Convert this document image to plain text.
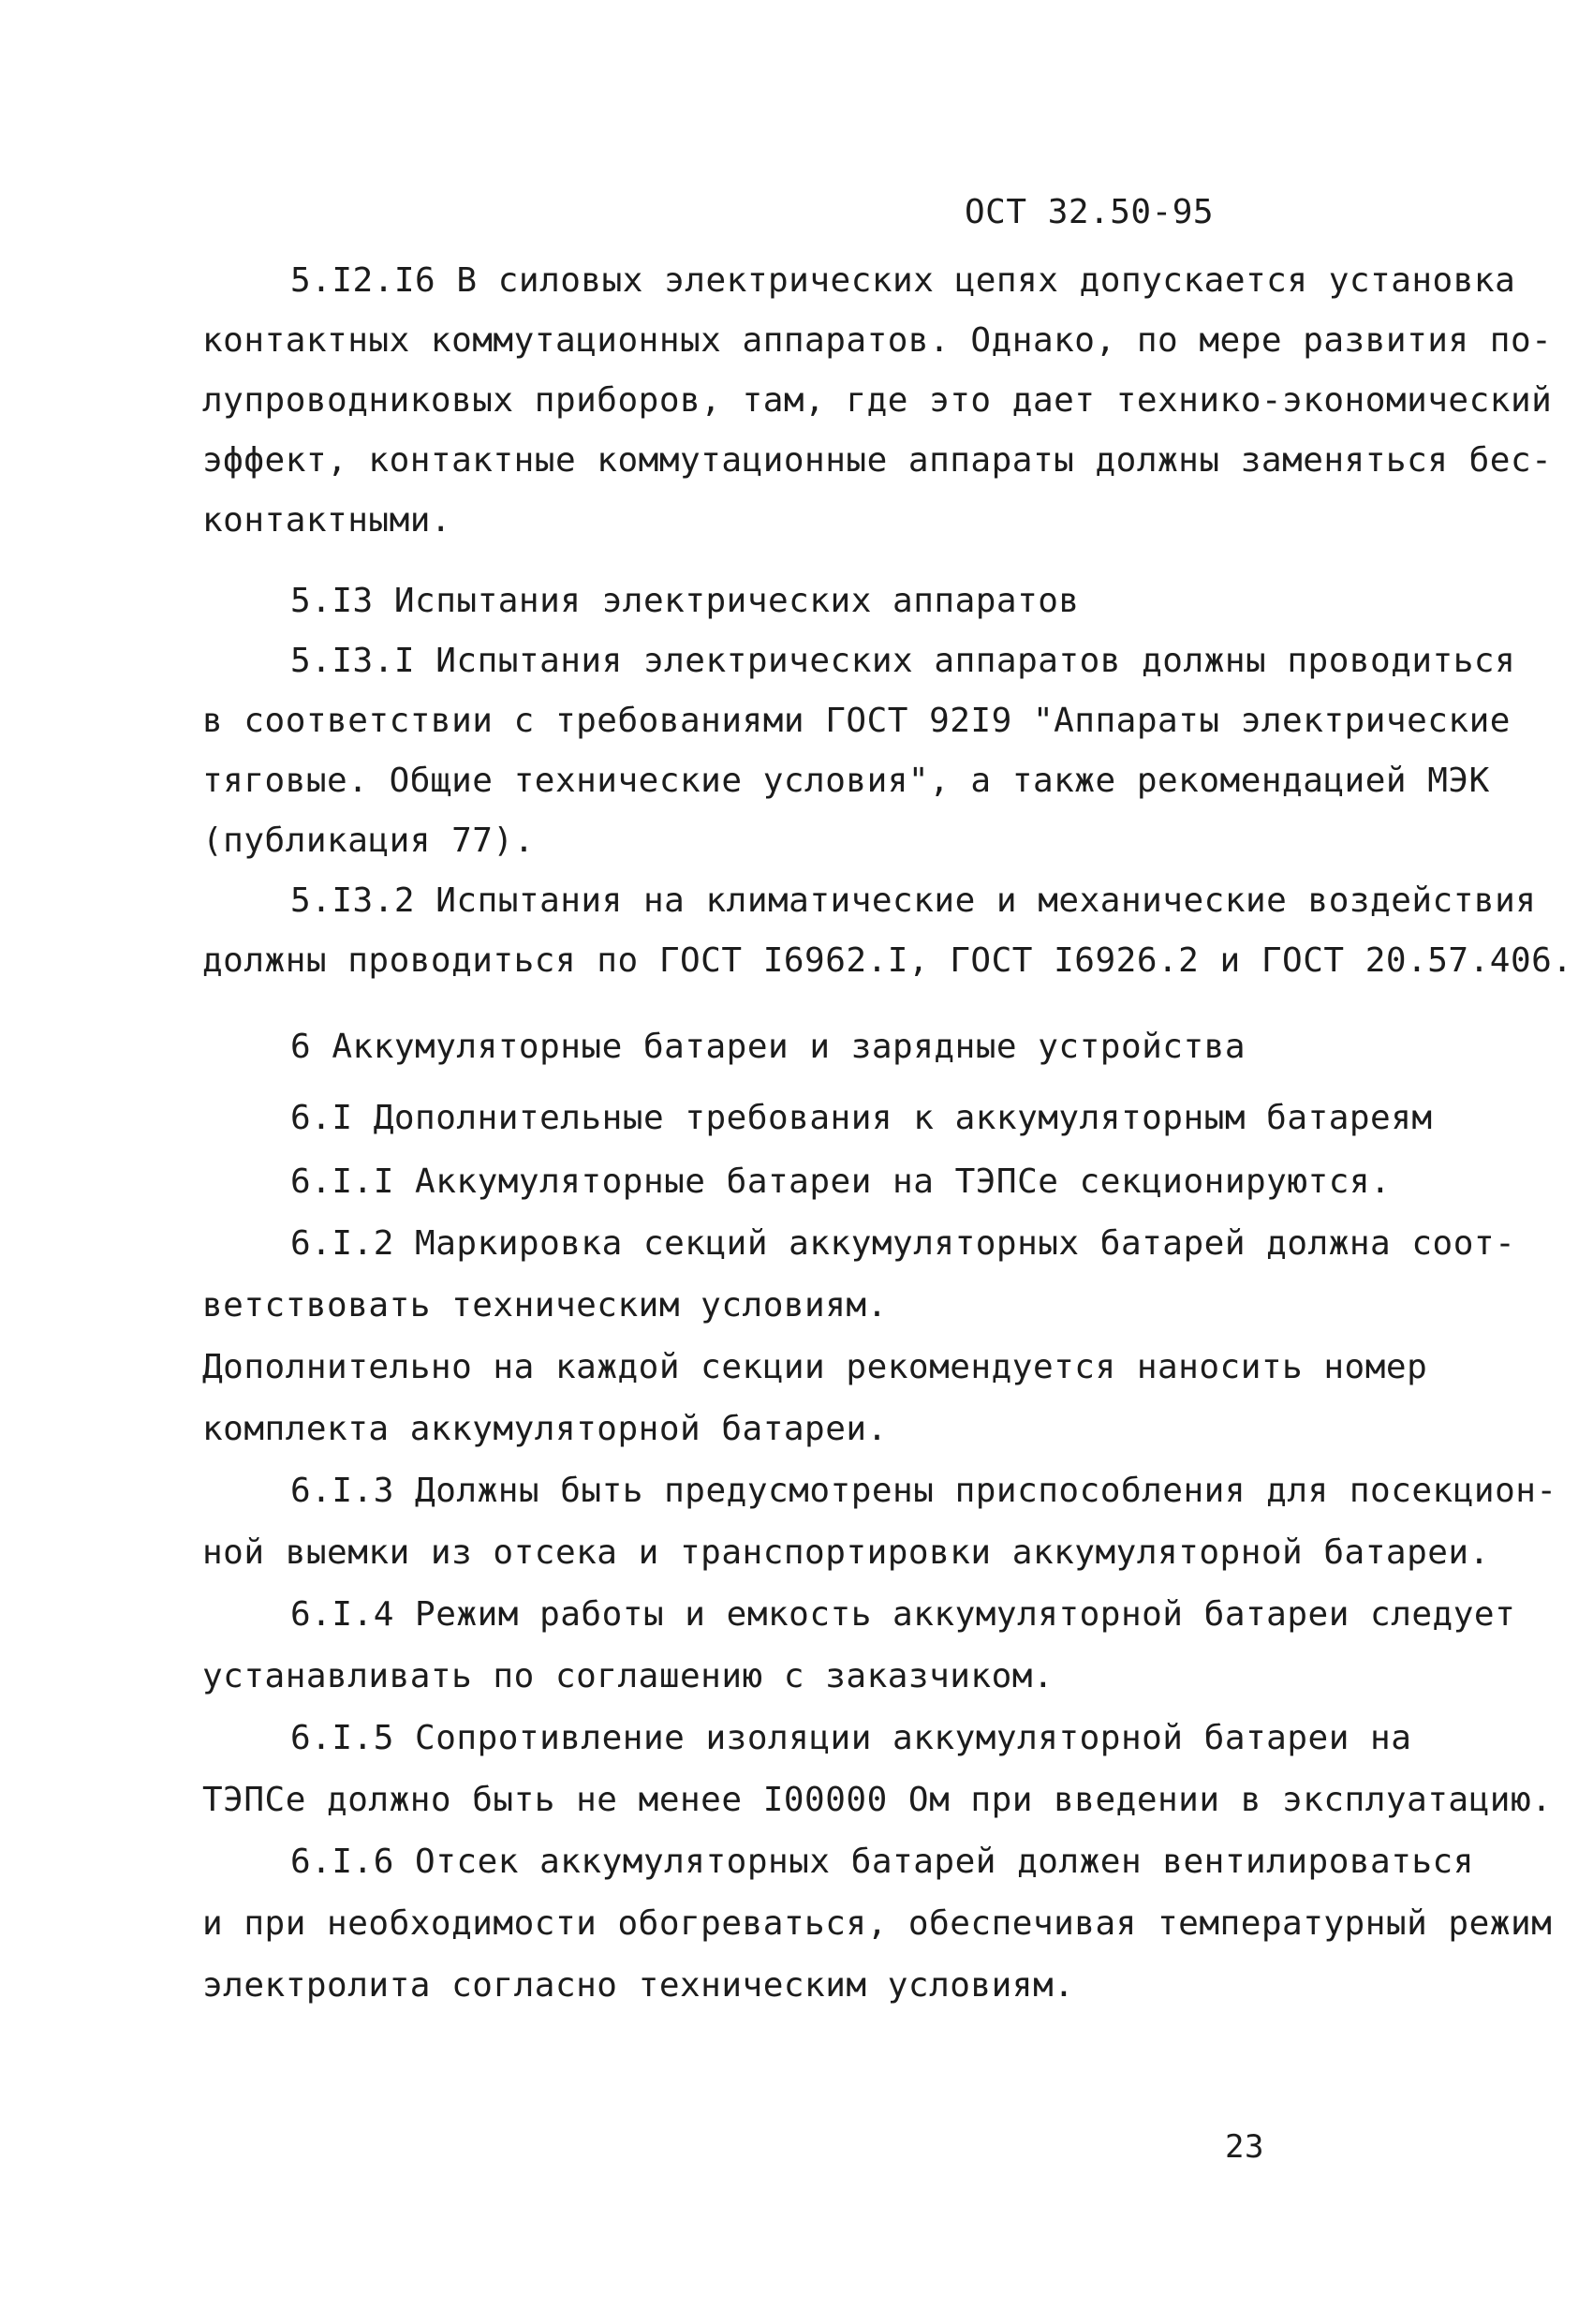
ОСТ 32.50-95
5.I2.I6 В силовых электрических цепях допускается установка
контактных коммутационных аппаратов. Однако, по мере развития по-
лупроводниковых приборов, там, где это дает технико-экономический
эффект, контактные коммутационные аппараты должны заменяться бес-
контактными.
5.I3 Испытания электрических аппаратов
5.I3.I Испытания электрических аппаратов должны проводиться
в соответствии с требованиями ГОСТ 92I9 "Аппараты электрические
тяговые. Общие технические условия", а также рекомендацией МЭК
(публикация 77).
5.I3.2 Испытания на климатические и механические воздействия
должны проводиться по ГОСТ I6962.I, ГОСТ I6926.2 и ГОСТ 20.57.406.
6 Аккумуляторные батареи и зарядные устройства
6.I Дополнительные требования к аккумуляторным батареям
6.I.I Аккумуляторные батареи на ТЭПСе секционируются.
6.I.2 Маркировка секций аккумуляторных батарей должна соот-
ветствовать техническим условиям.
Дополнительно на каждой секции рекомендуется наносить номер
комплекта аккумуляторной батареи.
6.I.3 Должны быть предусмотрены приспособления для посекцион-
ной выемки из отсека и транспортировки аккумуляторной батареи.
6.I.4 Режим работы и емкость аккумуляторной батареи следует
устанавливать по соглашению с заказчиком.
6.I.5 Сопротивление изоляции аккумуляторной батареи на
ТЭПСе должно быть не менее I00000 Ом при введении в эксплуатацию.
6.I.6 Отсек аккумуляторных батарей должен вентилироваться
и при необходимости обогреваться, обеспечивая температурный режим
электролита согласно техническим условиям.
23
